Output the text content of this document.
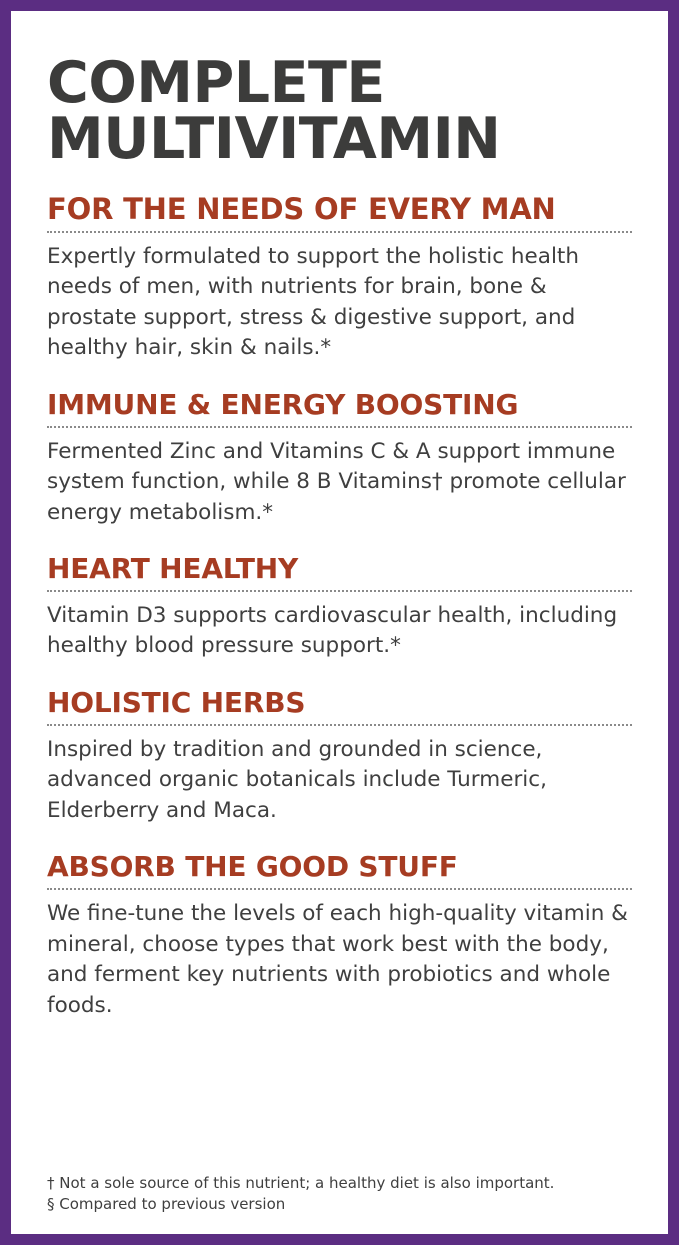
COMPLETE
MULTIVITAMIN
FOR THE NEEDS OF EVERY MAN
Expertly formulated to support the holistic health needs of men, with nutrients for brain, bone & prostate support, stress & digestive support, and healthy hair, skin & nails.*
IMMUNE & ENERGY BOOSTING
Fermented Zinc and Vitamins C & A support immune system function, while 8 B Vitamins† promote cellular energy metabolism.*
HEART HEALTHY
Vitamin D3 supports cardiovascular health, including healthy blood pressure support.*
HOLISTIC HERBS
Inspired by tradition and grounded in science, advanced organic botanicals include Turmeric, Elderberry and Maca.
ABSORB THE GOOD STUFF
We fine-tune the levels of each high-quality vitamin & mineral, choose types that work best with the body, and ferment key nutrients with probiotics and whole foods.
† Not a sole source of this nutrient; a healthy diet is also important.
§ Compared to previous version
